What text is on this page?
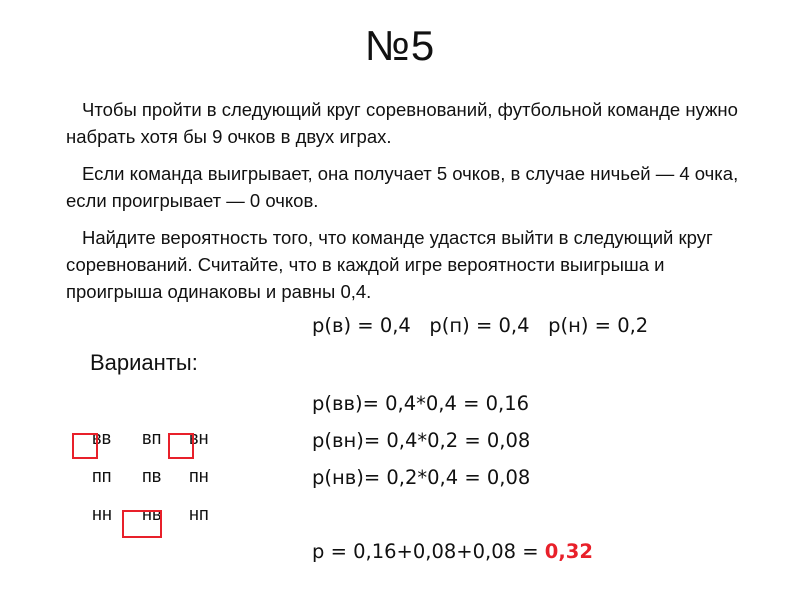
№5

Чтобы пройти в следующий круг соревнований, футбольной команде нужно набрать хотя бы 9 очков в двух играх.

Если команда выигрывает, она получает 5 очков, в случае ничьей — 4 очка, если проигрывает — 0 очков.

Найдите вероятность того, что команде удастся выйти в следующий круг соревнований. Считайте, что в каждой игре вероятности выигрыша и проигрыша одинаковы и равны 0,4.

Варианты:
вв вп вн
пп пв пн
нн нв нп
p(в) = 0,4   p(п) = 0,4   p(н) = 0,2
p(вв)= 0,4*0,4 = 0,16
p(вн)= 0,4*0,2 = 0,08
p(нв)= 0,2*0,4 = 0,08
p = 0,16+0,08+0,08 = 0,32
